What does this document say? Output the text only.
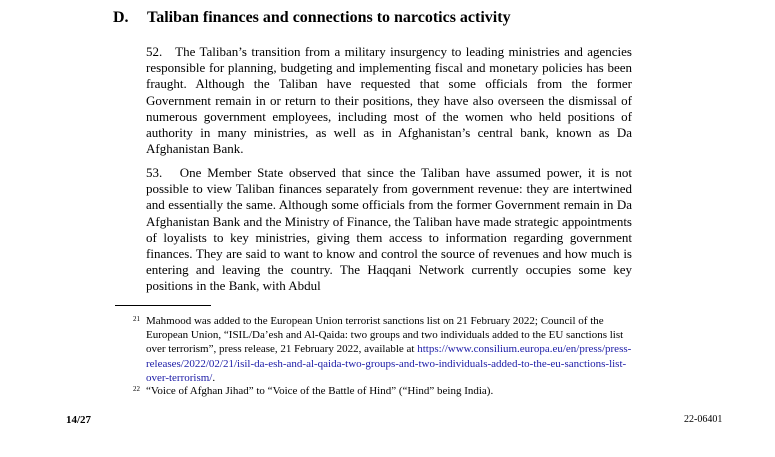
D. Taliban finances and connections to narcotics activity

52. The Taliban’s transition from a military insurgency to leading ministries and agencies responsible for planning, budgeting and implementing fiscal and monetary policies has been fraught. Although the Taliban have requested that some officials from the former Government remain in or return to their positions, they have also overseen the dismissal of numerous government employees, including most of the women who held positions of authority in many ministries, as well as in Afghanistan’s central bank, known as Da Afghanistan Bank.

53. One Member State observed that since the Taliban have assumed power, it is not possible to view Taliban finances separately from government revenue: they are intertwined and essentially the same. Although some officials from the former Government remain in Da Afghanistan Bank and the Ministry of Finance, the Taliban have made strategic appointments of loyalists to key ministries, giving them access to information regarding government finances. They are said to want to know and control the source of revenues and how much is entering and leaving the country. The Haqqani Network currently occupies some key positions in the Bank, with Abdul

21 Mahmood was added to the European Union terrorist sanctions list on 21 February 2022; Council of the European Union, “ISIL/Da’esh and Al-Qaida: two groups and two individuals added to the EU sanctions list over terrorism”, press release, 21 February 2022, available at https://www.consilium.europa.eu/en/press/press-releases/2022/02/21/isil-da-esh-and-al-qaida-two-groups-and-two-individuals-added-to-the-eu-sanctions-list-over-terrorism/.

22 “Voice of Afghan Jihad” to “Voice of the Battle of Hind” (“Hind” being India).

14/27	22-06401
